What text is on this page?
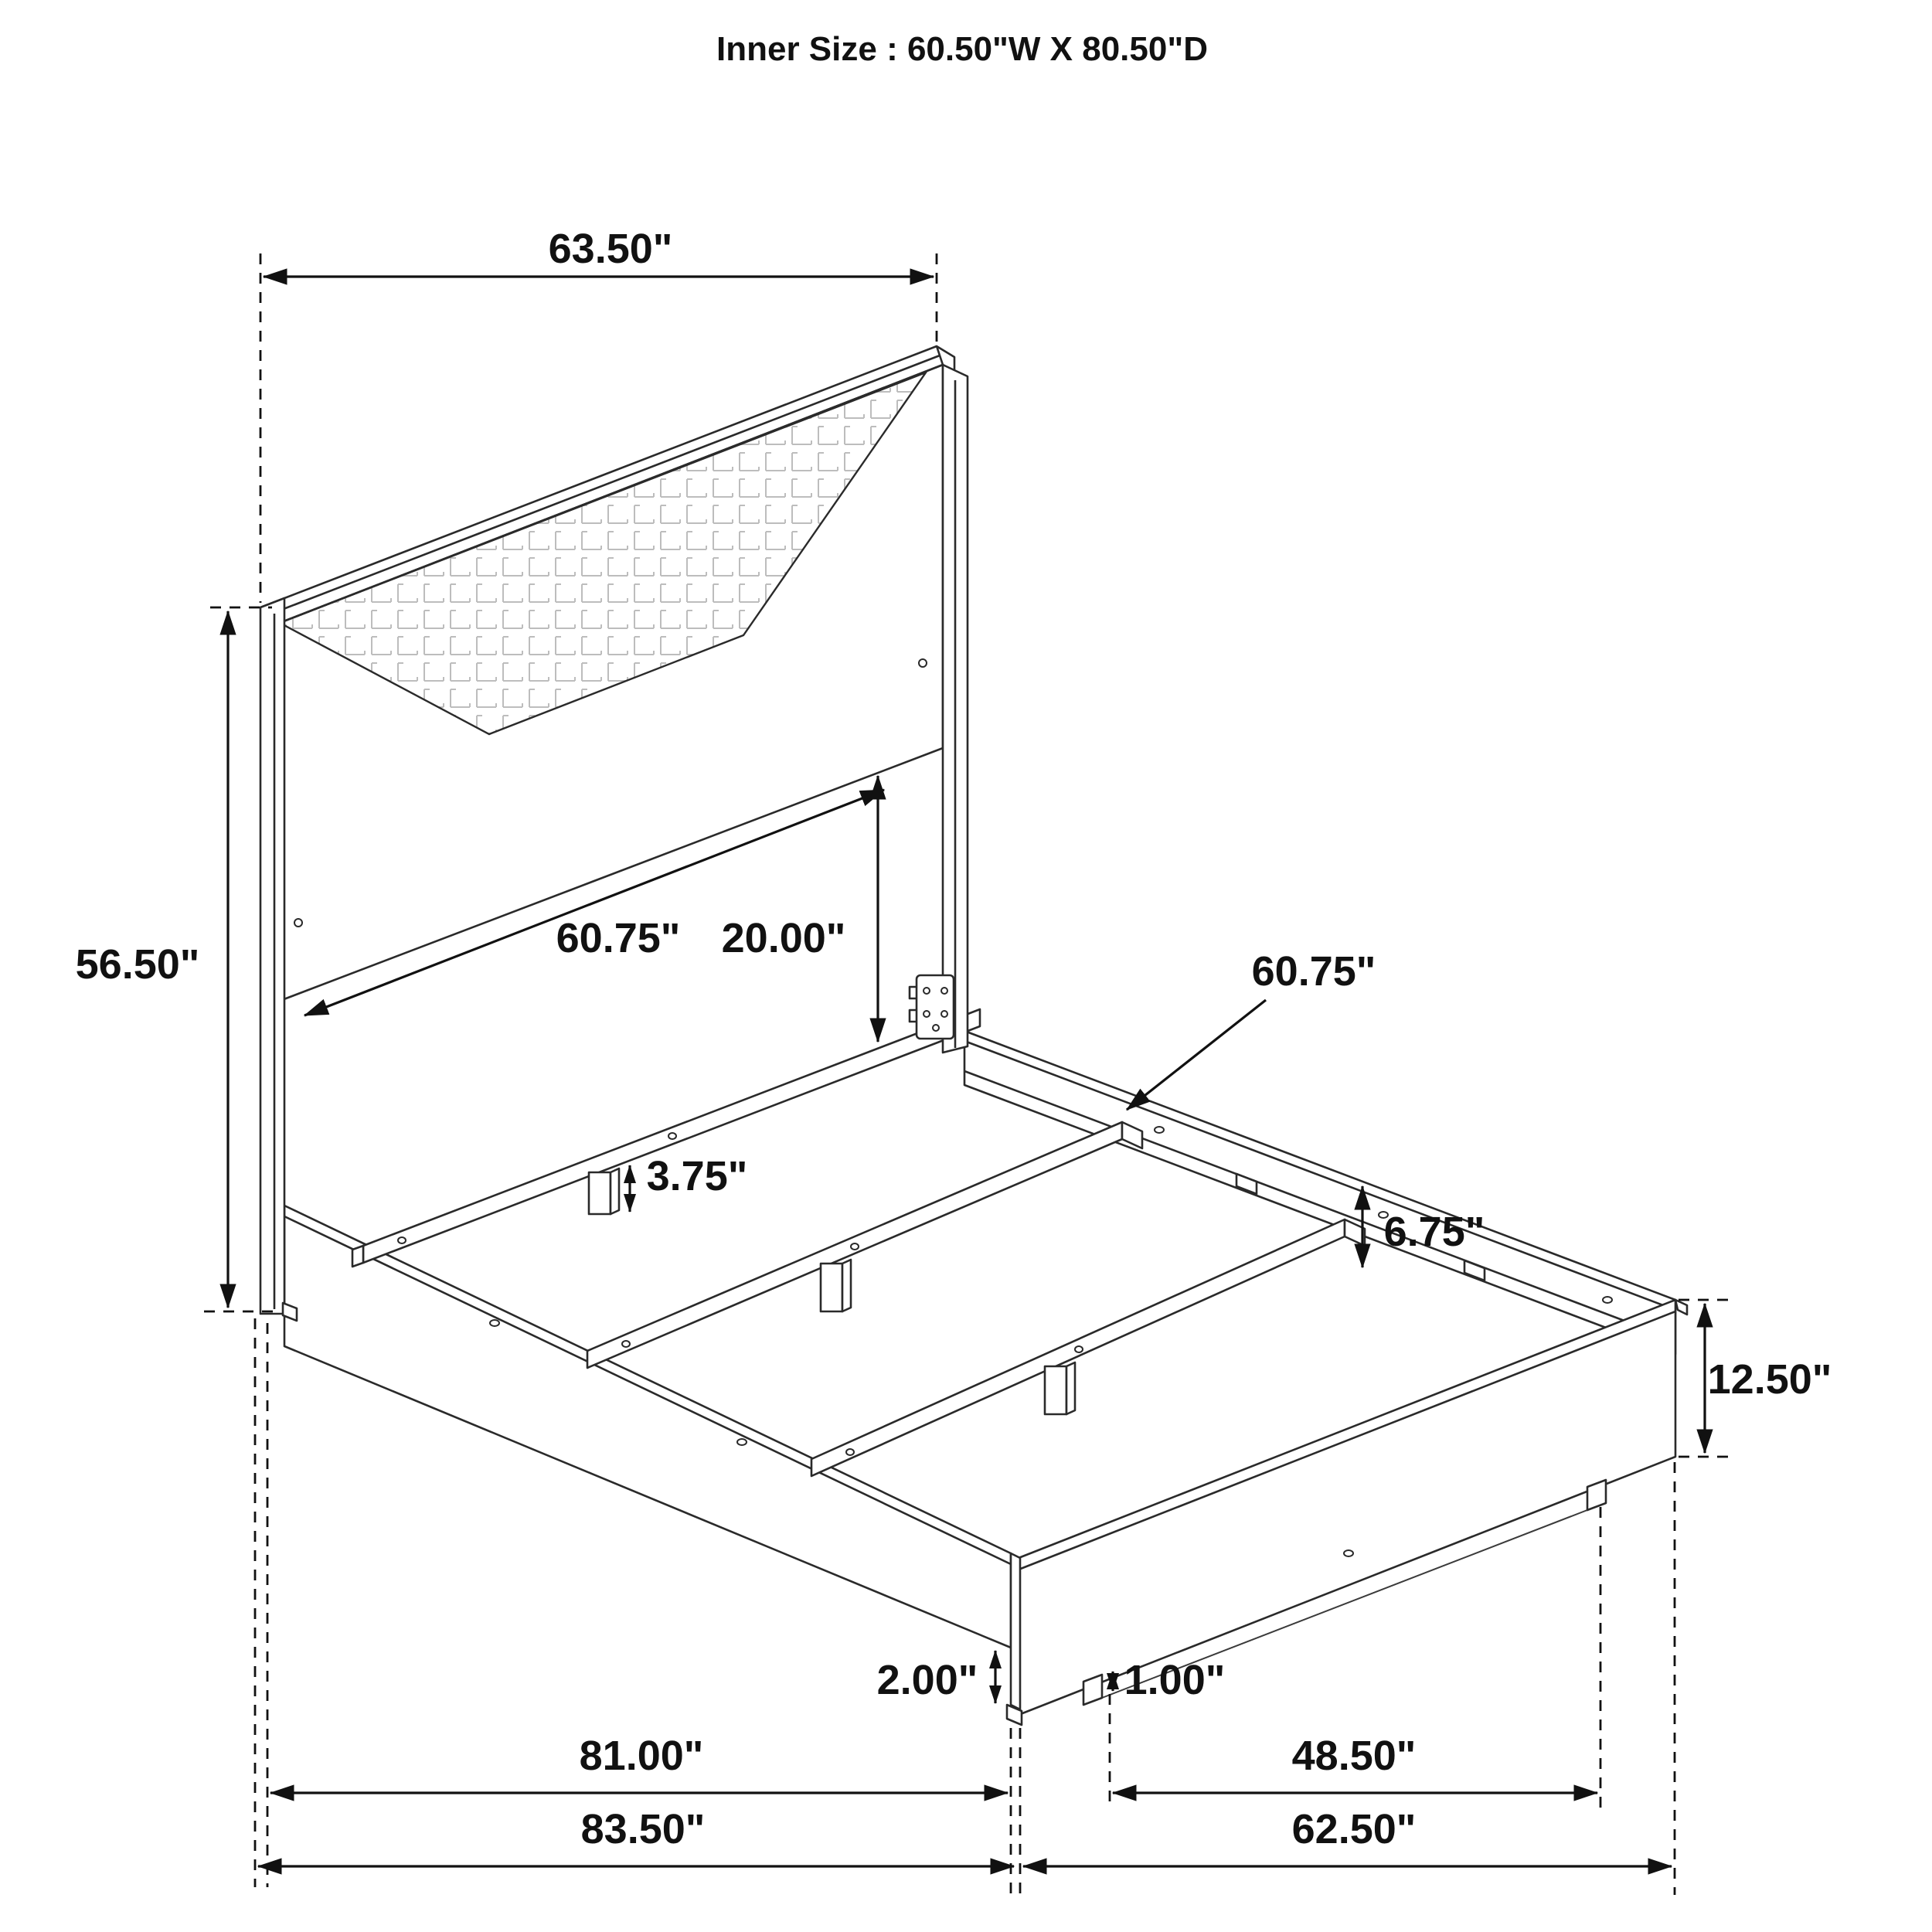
Inner Size : 60.50"W X 80.50"D
63.50"
56.50"
60.75" 20.00"
60.75"
6.75"
3.75"
12.50"
2.00"	1.00"
81.00"	48.50"
83.50"	62.50"
